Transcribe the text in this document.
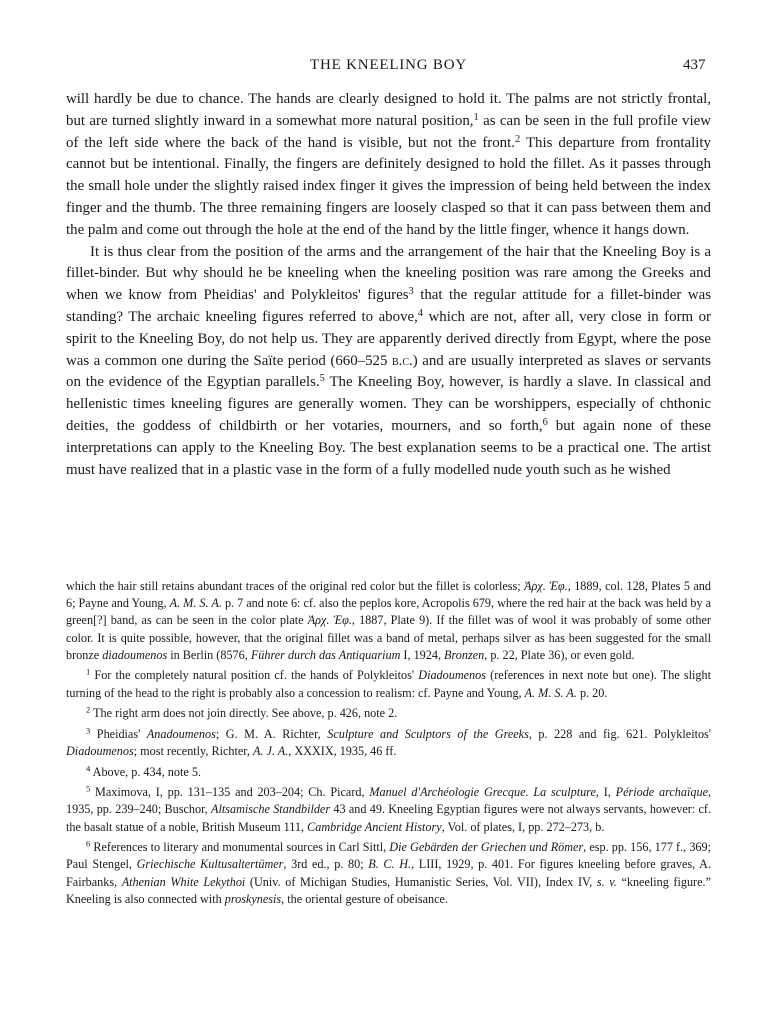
THE KNEELING BOY	437

will hardly be due to chance. The hands are clearly designed to hold it. The palms are not strictly frontal, but are turned slightly inward in a somewhat more natural position,$^1$ as can be seen in the full profile view of the left side where the back of the hand is visible, but not the front.$^2$ This departure from frontality cannot but be intentional. Finally, the fingers are definitely designed to hold the fillet. As it passes through the small hole under the slightly raised index finger it gives the impression of being held between the index finger and the thumb. The three remaining fingers are loosely clasped so that it can pass between them and the palm and come out through the hole at the end of the hand by the little finger, whence it hangs down.

It is thus clear from the position of the arms and the arrangement of the hair that the Kneeling Boy is a fillet-binder. But why should he be kneeling when the kneeling position was rare among the Greeks and when we know from Pheidias' and Polykleitos' figures$^3$ that the regular attitude for a fillet-binder was standing? The archaic kneeling figures referred to above,$^4$ which are not, after all, very close in form or spirit to the Kneeling Boy, do not help us. They are apparently derived directly from Egypt, where the pose was a common one during the Saïte period (660–525 b.c.) and are usually interpreted as slaves or servants on the evidence of the Egyptian parallels.$^5$ The Kneeling Boy, however, is hardly a slave. In classical and hellenistic times kneeling figures are generally women. They can be worshippers, especially of chthonic deities, the goddess of childbirth or her votaries, mourners, and so forth,$^6$ but again none of these interpretations can apply to the Kneeling Boy. The best explanation seems to be a practical one. The artist must have realized that in a plastic vase in the form of a fully modelled nude youth such as he wished

which the hair still retains abundant traces of the original red color but the fillet is colorless; Ἀρχ. Ἐφ., 1889, col. 128, Plates 5 and 6; Payne and Young, A. M. S. A. p. 7 and note 6: cf. also the peplos kore, Acropolis 679, where the red hair at the back was held by a green[?] band, as can be seen in the color plate Ἀρχ. Ἐφ., 1887, Plate 9). If the fillet was of wool it was probably of some other color. It is quite possible, however, that the original fillet was a band of metal, perhaps silver as has been suggested for the small bronze diadoumenos in Berlin (8576, Führer durch das Antiquarium I, 1924, Bronzen, p. 22, Plate 36), or even gold.

$^1$ For the completely natural position cf. the hands of Polykleitos' Diadoumenos (references in next note but one). The slight turning of the head to the right is probably also a concession to realism: cf. Payne and Young, A. M. S. A. p. 20.

$^2$ The right arm does not join directly. See above, p. 426, note 2.

$^3$ Pheidias' Anadoumenos; G. M. A. Richter, Sculpture and Sculptors of the Greeks, p. 228 and fig. 621. Polykleitos' Diadoumenos; most recently, Richter, A. J. A., XXXIX, 1935, 46 ff.

$^4$ Above, p. 434, note 5.

$^5$ Maximova, I, pp. 131–135 and 203–204; Ch. Picard, Manuel d'Archéologie Grecque. La sculpture, I, Période archaïque, 1935, pp. 239–240; Buschor, Altsamische Standbilder 43 and 49. Kneeling Egyptian figures were not always servants, however: cf. the basalt statue of a noble, British Museum 111, Cambridge Ancient History, Vol. of plates, I, pp. 272–273, b.

$^6$ References to literary and monumental sources in Carl Sittl, Die Gebärden der Griechen und Römer, esp. pp. 156, 177 f., 369; Paul Stengel, Griechische Kultusaltertümer, 3rd ed., p. 80; B. C. H., LIII, 1929, p. 401. For figures kneeling before graves, A. Fairbanks, Athenian White Lekythoi (Univ. of Michigan Studies, Humanistic Series, Vol. VII), Index IV, s. v. “kneeling figure.” Kneeling is also connected with proskynesis, the oriental gesture of obeisance.
